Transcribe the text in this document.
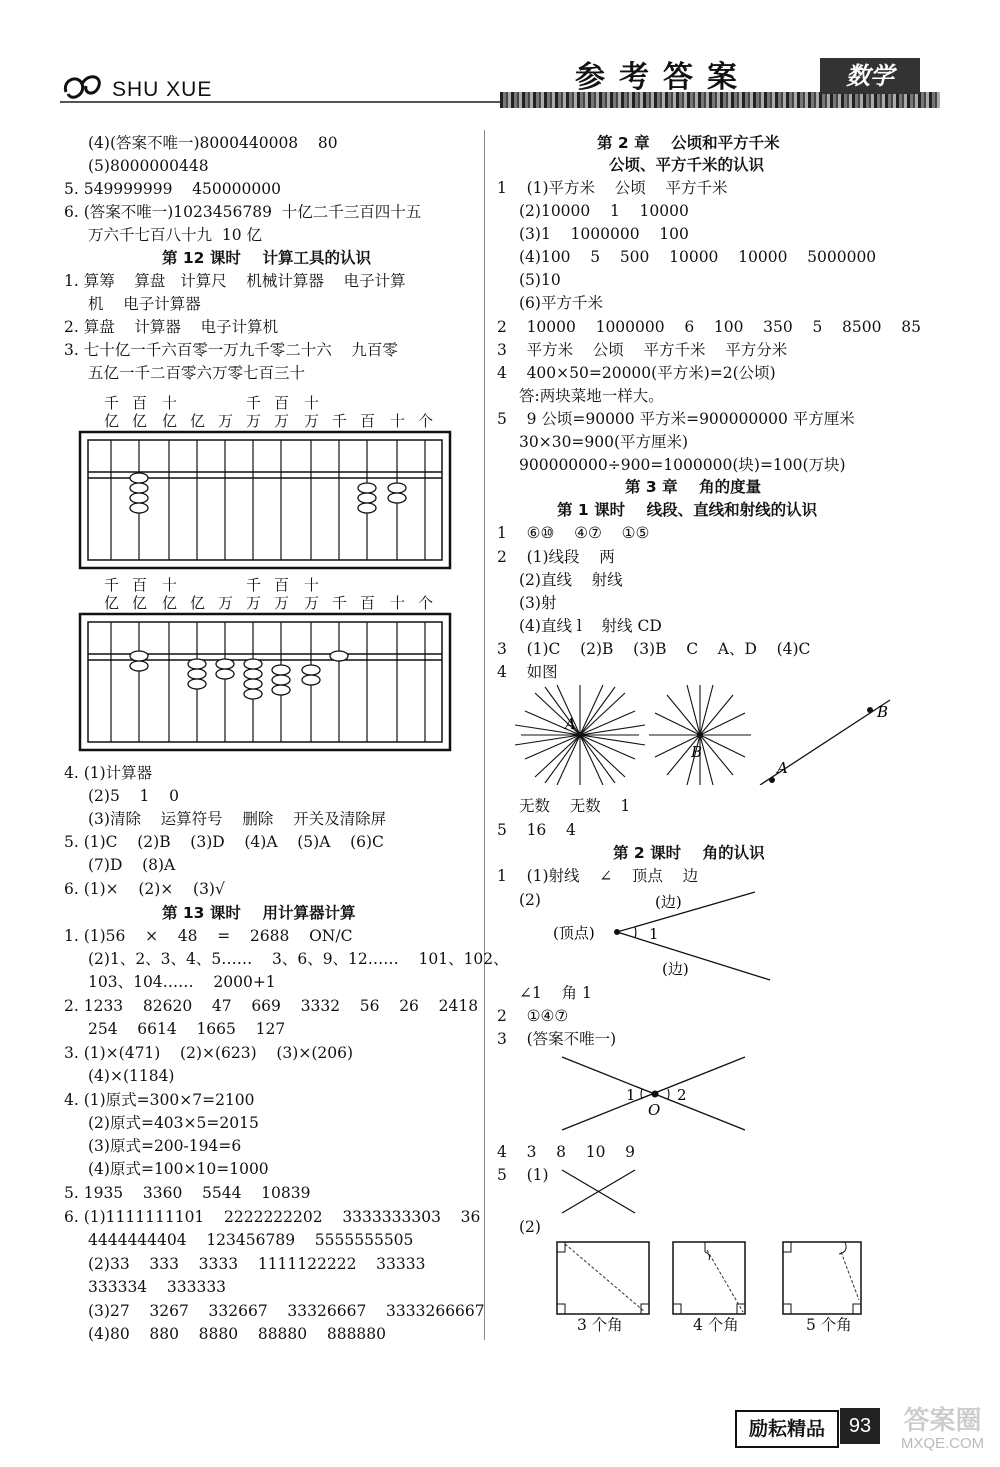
SHU XUE	参考答案	数学
(4)(答案不唯一)8000440008    80
(5)8000000448
5. 549999999    450000000
6. (答案不唯一)1023456789  十亿二千三百四十五
万六千七百八十九  10 亿
第 12 课时    计算工具的认识
1. 算筹    算盘   计算尺    机械计算器    电子计算
机    电子计算器
2. 算盘    计算器    电子计算机
3. 七十亿一千六百零一万九千零二十六    九百零
五亿一千二百零六万零七百三十
千 百 十	千 百 十
亿 亿 亿 亿 万 万 万 万 千 百 十 个
千 百 十	千 百 十
亿 亿 亿 亿 万 万 万 万 千 百 十 个
4. (1)计算器
(2)5    1    0
(3)清除    运算符号    删除    开关及清除屏
5. (1)C    (2)B    (3)D    (4)A    (5)A    (6)C
(7)D    (8)A
6. (1)×    (2)×    (3)√
第 13 课时    用计算器计算
1. (1)56    ×    48    =    2688    ON/C
(2)1、2、3、4、5……    3、6、9、12……    101、102、
103、104……    2000+1
2. 1233    82620    47    669    3332    56    26    2418
254    6614    1665    127
3. (1)×(471)    (2)×(623)    (3)×(206)
(4)×(1184)
4. (1)原式=300×7=2100
(2)原式=403×5=2015
(3)原式=200-194=6
(4)原式=100×10=1000
5. 1935    3360    5544    10839
6. (1)1111111101    2222222202    3333333303    36
4444444404    123456789    5555555505
(2)33    333    3333    1111122222    33333
333334    333333
(3)27    3267    332667    33326667    3333266667
(4)80    880    8880    88880    888880
第 2 章    公顷和平方千米
公顷、平方千米的认识
1    (1)平方米    公顷    平方千米
(2)10000    1    10000
(3)1    1000000    100
(4)100    5    500    10000    10000    5000000
(5)10
(6)平方千米
2    10000    1000000    6    100    350    5    8500    85
3    平方米    公顷    平方千米    平方分米
4    400×50=20000(平方米)=2(公顷)
答:两块菜地一样大。
5    9 公顷=90000 平方米=900000000 平方厘米
30×30=900(平方厘米)
900000000÷900=1000000(块)=100(万块)
第 3 章    角的度量
第 1 课时    线段、直线和射线的认识
1    ⑥⑩    ④⑦    ①⑤
2    (1)线段    两
(2)直线    射线
(3)射
(4)直线 l    射线 CD
3    (1)C    (2)B    (3)B    C    A、D    (4)C
4    如图
B
A
B
A
无数    无数    1
5    16    4
第 2 课时    角的认识
1    (1)射线    ∠    顶点    边
(2)
(顶点)
(边)
(边)
1
∠1    角 1
2    ①④⑦
3    (答案不唯一)
1	2
O
4    3    8    10    9
5    (1)
(2)
3 个角	4 个角	5 个角
励耘精品	93	答案圈
MXQE.COM
